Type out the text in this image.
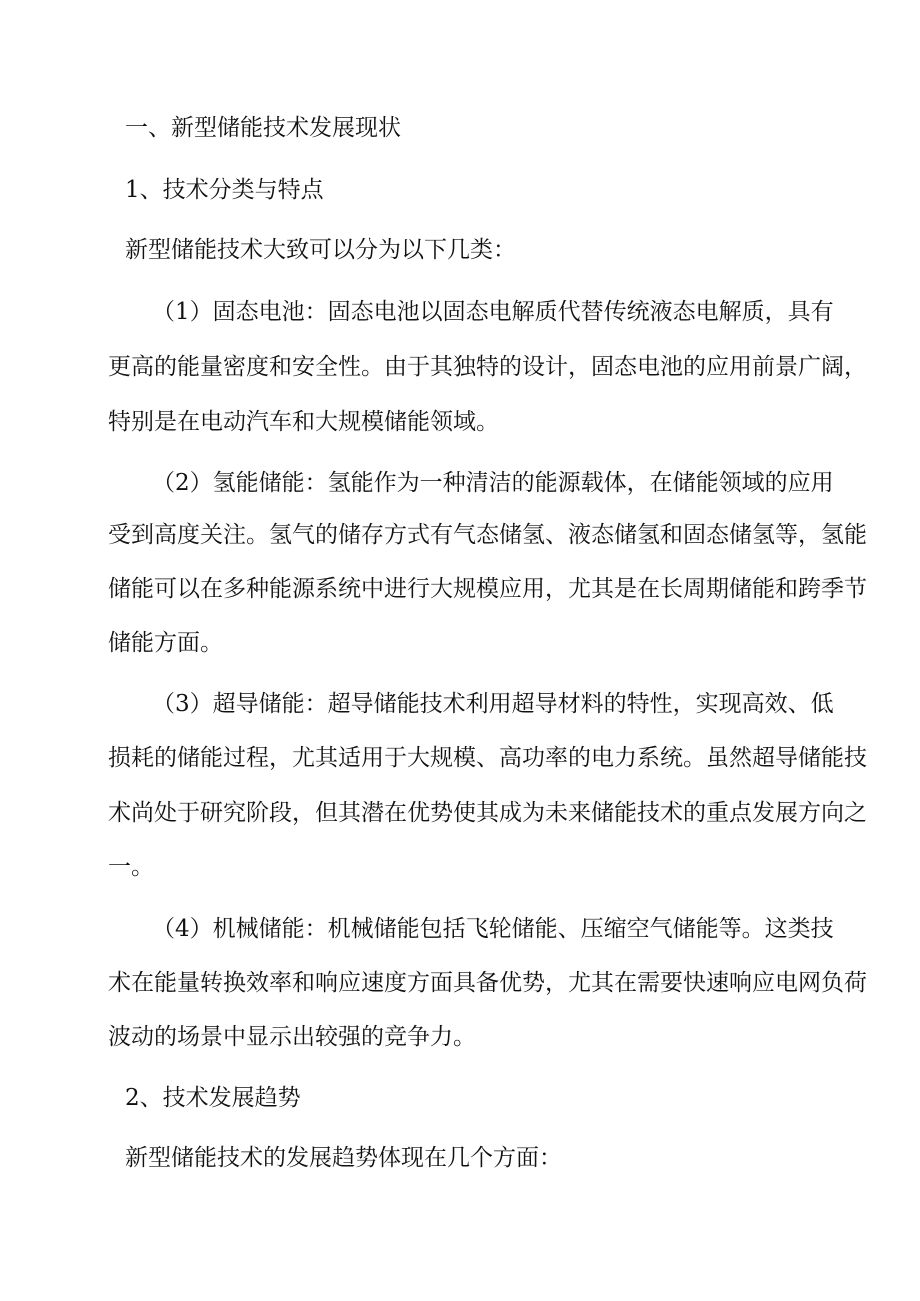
一、新型储能技术发展现状
1、技术分类与特点
新型储能技术大致可以分为以下几类：
（1）固态电池：固态电池以固态电解质代替传统液态电解质，具有
更高的能量密度和安全性。由于其独特的设计，固态电池的应用前景广阔，
特别是在电动汽车和大规模储能领域。
（2）氢能储能：氢能作为一种清洁的能源载体，在储能领域的应用
受到高度关注。氢气的储存方式有气态储氢、液态储氢和固态储氢等，氢能
储能可以在多种能源系统中进行大规模应用，尤其是在长周期储能和跨季节
储能方面。
（3）超导储能：超导储能技术利用超导材料的特性，实现高效、低
损耗的储能过程，尤其适用于大规模、高功率的电力系统。虽然超导储能技
术尚处于研究阶段，但其潜在优势使其成为未来储能技术的重点发展方向之
一。
（4）机械储能：机械储能包括飞轮储能、压缩空气储能等。这类技
术在能量转换效率和响应速度方面具备优势，尤其在需要快速响应电网负荷
波动的场景中显示出较强的竞争力。
2、技术发展趋势
新型储能技术的发展趋势体现在几个方面：
